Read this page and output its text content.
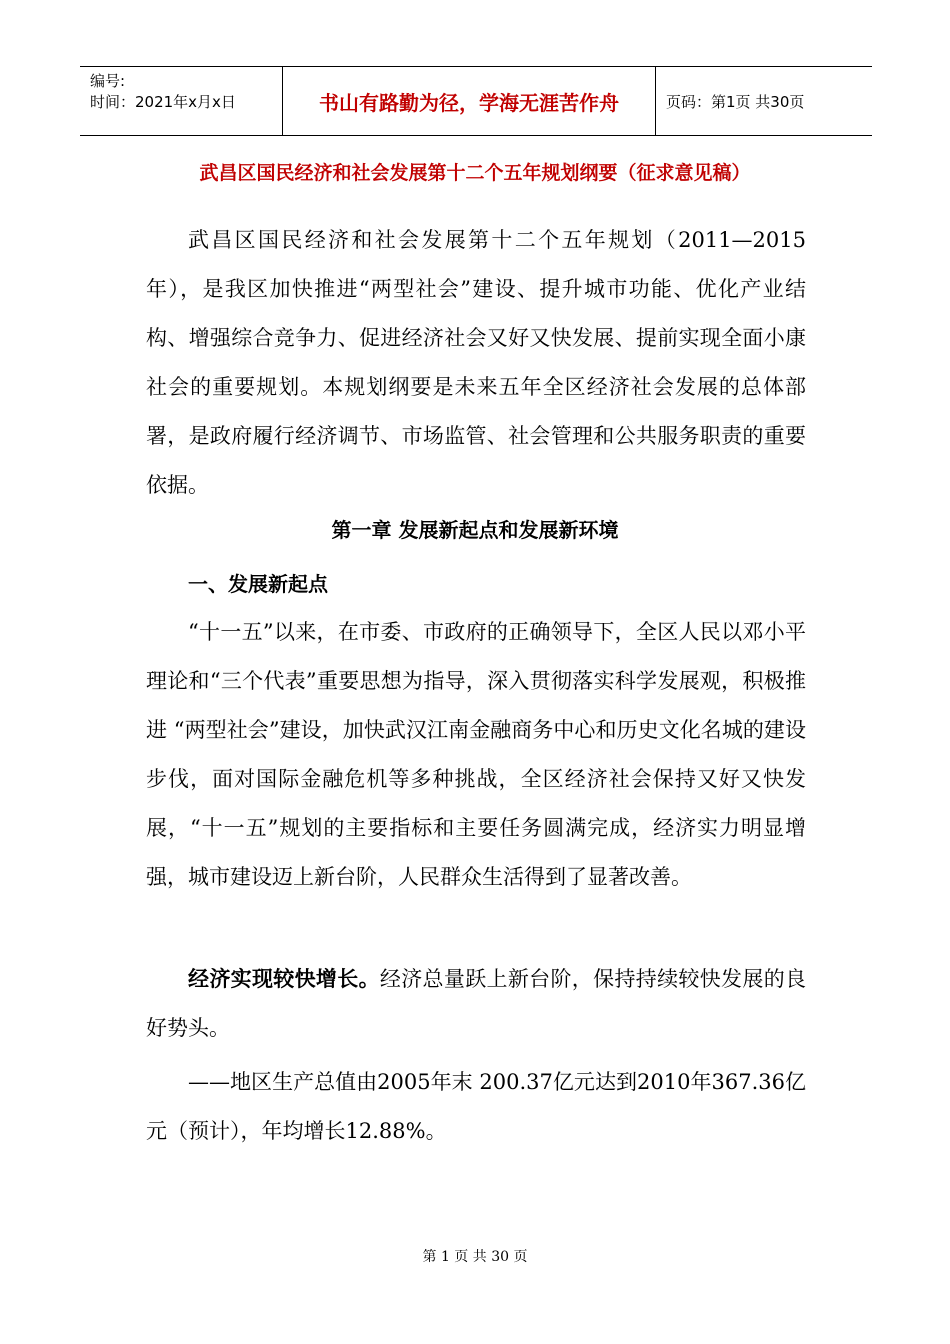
编号:
时间：2021年x月x日	书山有路勤为径，学海无涯苦作舟	页码：第1页 共30页
武昌区国民经济和社会发展第十二个五年规划纲要（征求意见稿）

武昌区国民经济和社会发展第十二个五年规划（2011—2015年），是我区加快推进“两型社会”建设、提升城市功能、优化产业结构、增强综合竞争力、促进经济社会又好又快发展、提前实现全面小康社会的重要规划。本规划纲要是未来五年全区经济社会发展的总体部署，是政府履行经济调节、市场监管、社会管理和公共服务职责的重要依据。

第一章 发展新起点和发展新环境
一、发展新起点

“十一五”以来，在市委、市政府的正确领导下，全区人民以邓小平理论和“三个代表”重要思想为指导，深入贯彻落实科学发展观，积极推进 “两型社会”建设，加快武汉江南金融商务中心和历史文化名城的建设步伐，面对国际金融危机等多种挑战，全区经济社会保持又好又快发展，“十一五”规划的主要指标和主要任务圆满完成，经济实力明显增强，城市建设迈上新台阶，人民群众生活得到了显著改善。

经济实现较快增长。经济总量跃上新台阶，保持持续较快发展的良好势头。

——地区生产总值由2005年末 200.37亿元达到2010年367.36亿元（预计），年均增长12.88%。

第 1 页 共 30 页
